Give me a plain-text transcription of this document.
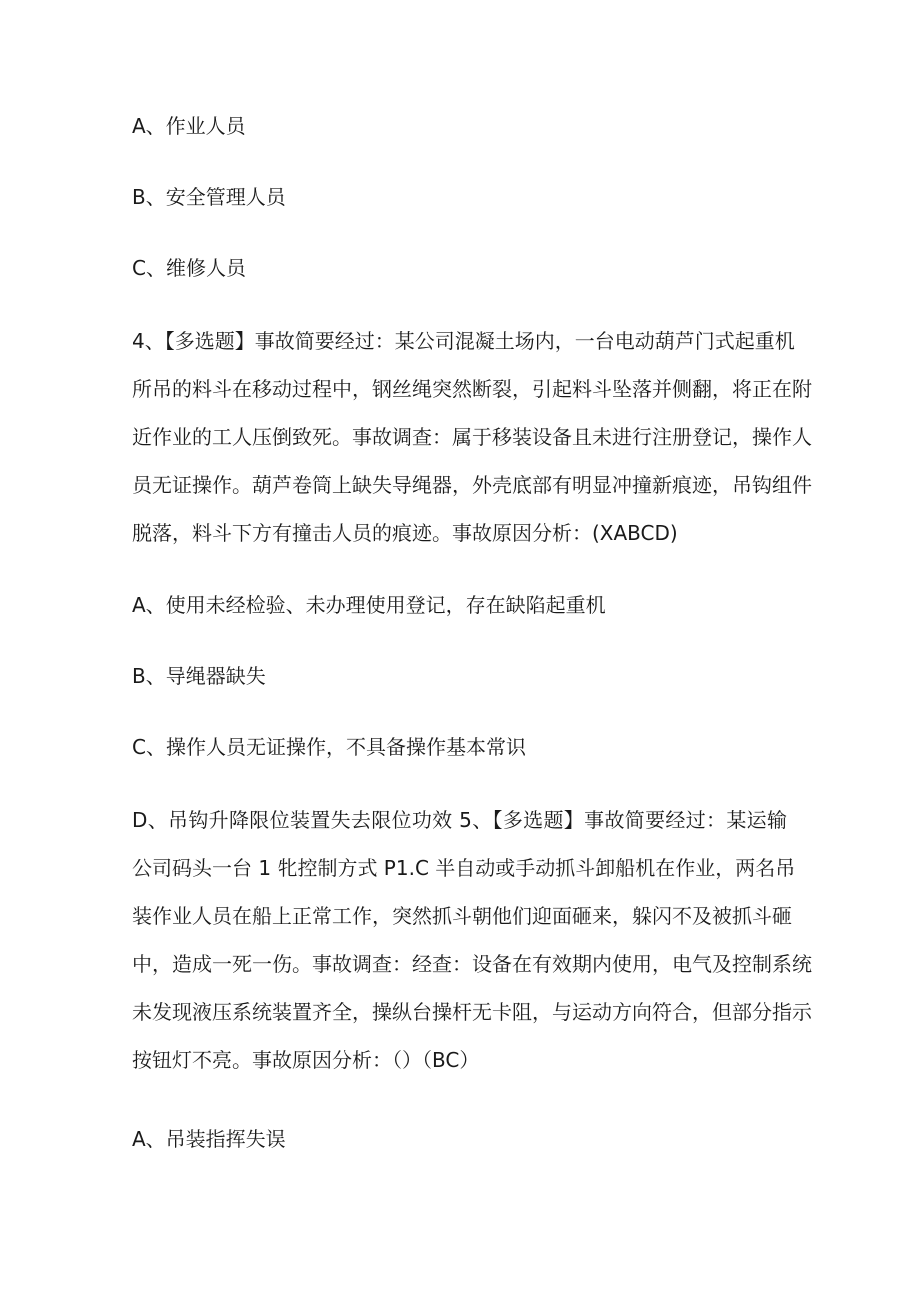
A、作业人员
B、安全管理人员
C、维修人员
4、【多选题】事故简要经过：某公司混凝土场内，一台电动葫芦门式起重机
所吊的料斗在移动过程中，钢丝绳突然断裂，引起料斗坠落并侧翻，将正在附
近作业的工人压倒致死。事故调查：属于移装设备且未进行注册登记，操作人
员无证操作。葫芦卷筒上缺失导绳器，外壳底部有明显冲撞新痕迹，吊钩组件
脱落，料斗下方有撞击人员的痕迹。事故原因分析：(XABCD)
A、使用未经检验、未办理使用登记，存在缺陷起重机
B、导绳器缺失
C、操作人员无证操作，不具备操作基本常识
D、吊钩升降限位装置失去限位功效 5、【多选题】事故简要经过：某运输
公司码头一台 1 牝控制方式 P1.C 半自动或手动抓斗卸船机在作业，两名吊
装作业人员在船上正常工作，突然抓斗朝他们迎面砸来，躲闪不及被抓斗砸
中，造成一死一伤。事故调查：经查：设备在有效期内使用，电气及控制系统
未发现液压系统装置齐全，操纵台操杆无卡阻，与运动方向符合，但部分指示
按钮灯不亮。事故原因分析：（）（BC）
A、吊装指挥失误
